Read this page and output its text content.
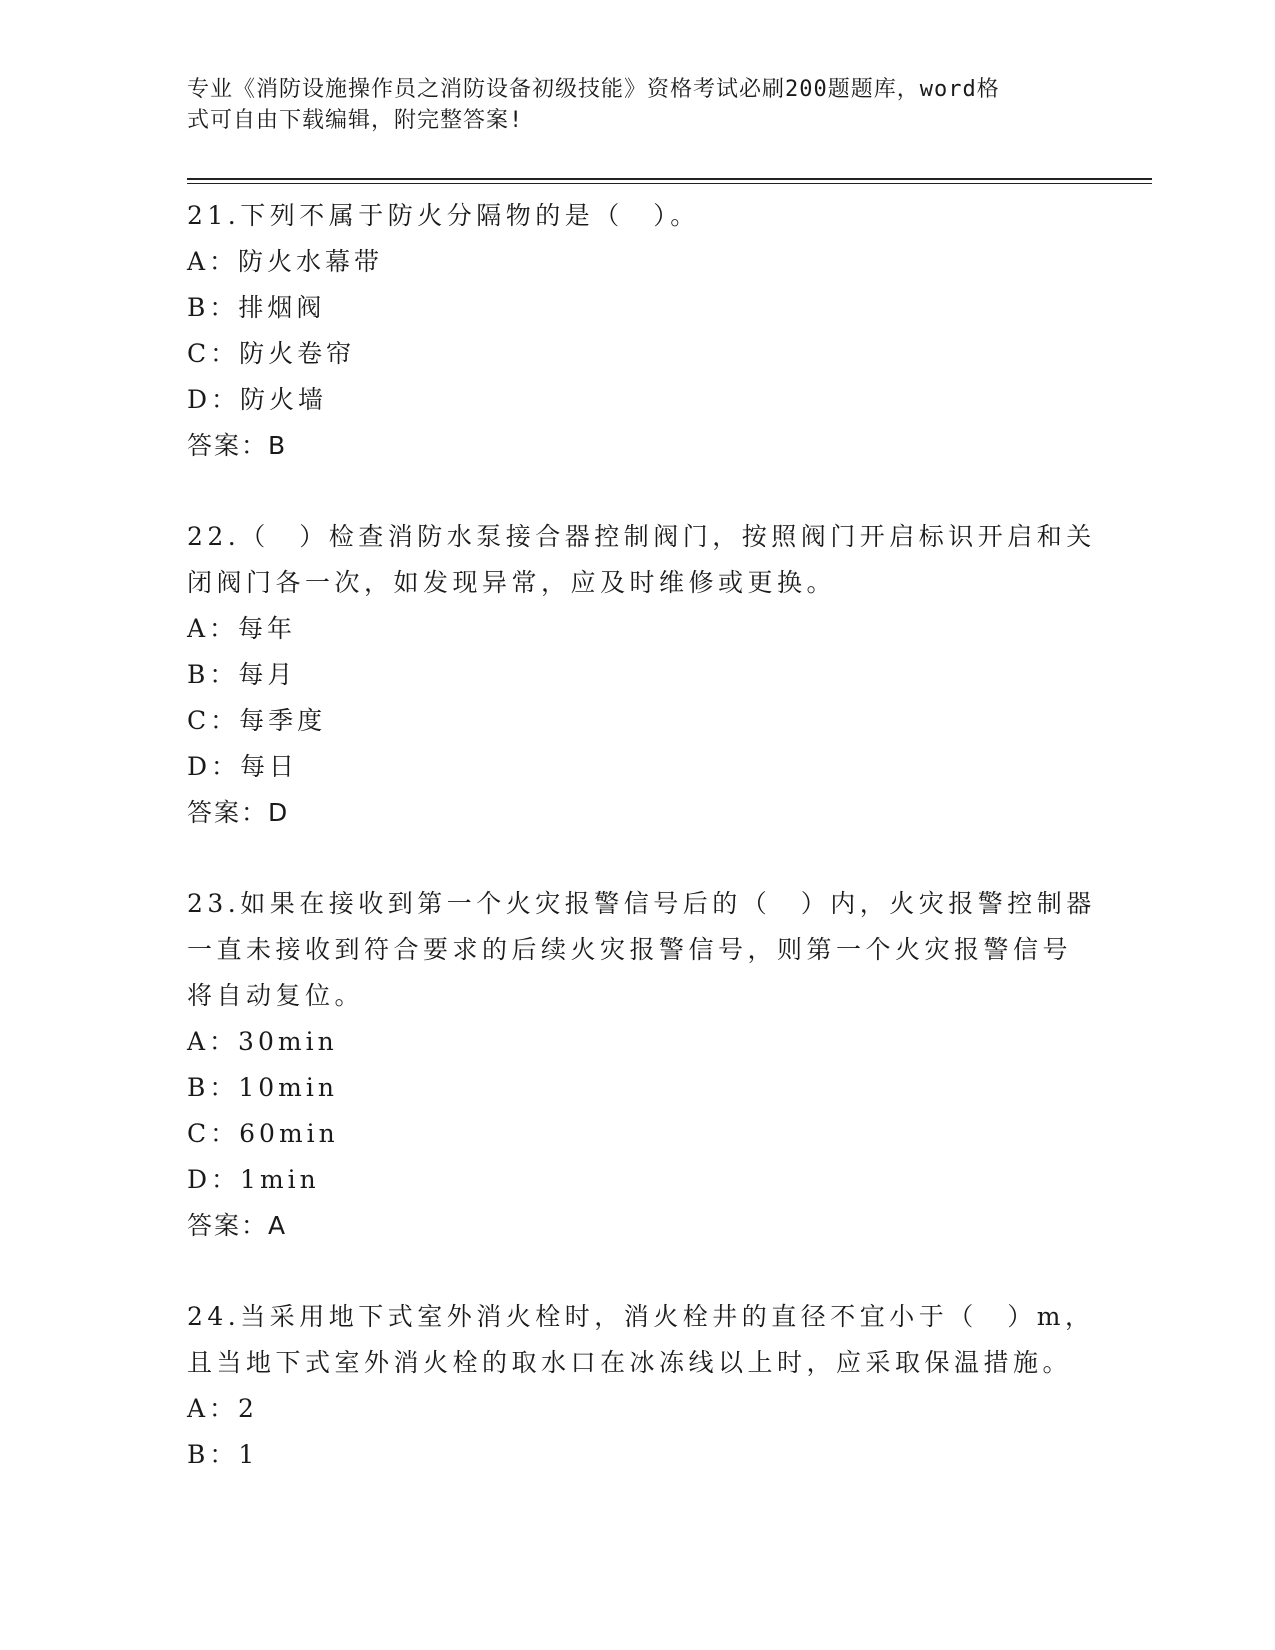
专业《消防设施操作员之消防设备初级技能》资格考试必刷200题题库，word格
式可自由下载编辑，附完整答案!
21.下列不属于防火分隔物的是（　）。
A：防火水幕带
B：排烟阀
C：防火卷帘
D：防火墙
答案：B
22.（　）检查消防水泵接合器控制阀门，按照阀门开启标识开启和关
闭阀门各一次，如发现异常，应及时维修或更换。
A：每年
B：每月
C：每季度
D：每日
答案：D
23.如果在接收到第一个火灾报警信号后的（　）内，火灾报警控制器
一直未接收到符合要求的后续火灾报警信号，则第一个火灾报警信号
将自动复位。
A：30min
B：10min
C：60min
D：1min
答案：A
24.当采用地下式室外消火栓时，消火栓井的直径不宜小于（　）m，
且当地下式室外消火栓的取水口在冰冻线以上时，应采取保温措施。
A：2
B：1
